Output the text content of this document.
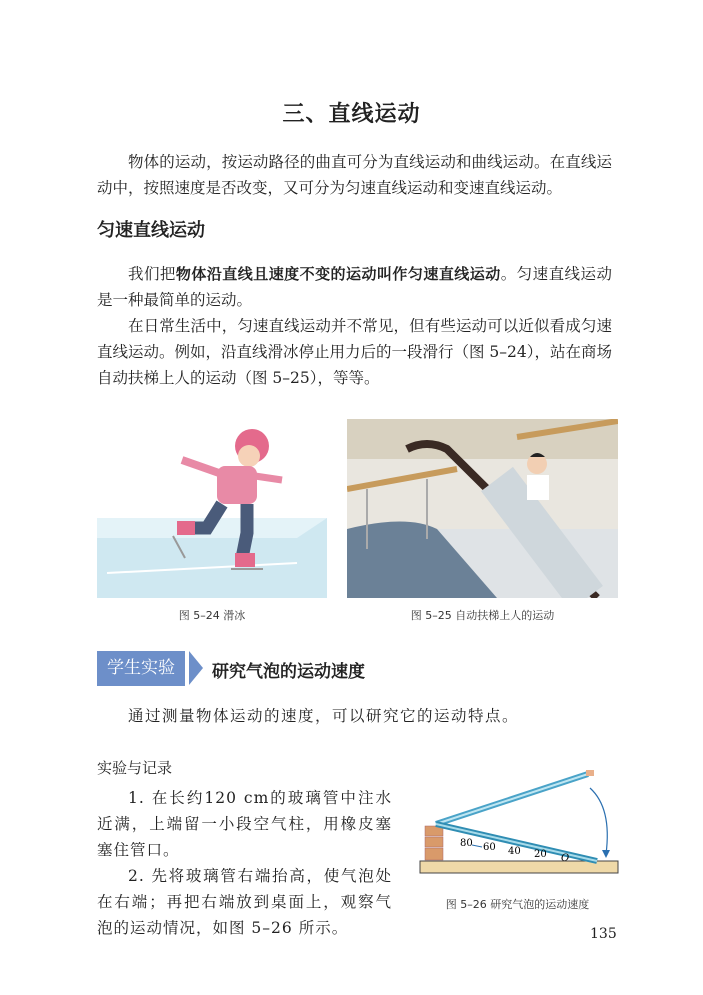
三、直线运动

物体的运动，按运动路径的曲直可分为直线运动和曲线运动。在直线运动中，按照速度是否改变，又可分为匀速直线运动和变速直线运动。

匀速直线运动

我们把物体沿直线且速度不变的运动叫作匀速直线运动。匀速直线运动是一种最简单的运动。

在日常生活中，匀速直线运动并不常见，但有些运动可以近似看成匀速直线运动。例如，沿直线滑冰停止用力后的一段滑行（图 5–24），站在商场自动扶梯上人的运动（图 5–25），等等。

图 5–24 滑冰	图 5–25 自动扶梯上人的运动
学生实验	研究气泡的运动速度

通过测量物体运动的速度，可以研究它的运动特点。

实验与记录

1. 在长约120 cm的玻璃管中注水近满，上端留一小段空气柱，用橡皮塞塞住管口。

2. 先将玻璃管右端抬高，使气泡处在右端；再把右端放到桌面上，观察气泡的运动情况，如图 5–26 所示。

80 60 40 20 O
图 5–26 研究气泡的运动速度
135
